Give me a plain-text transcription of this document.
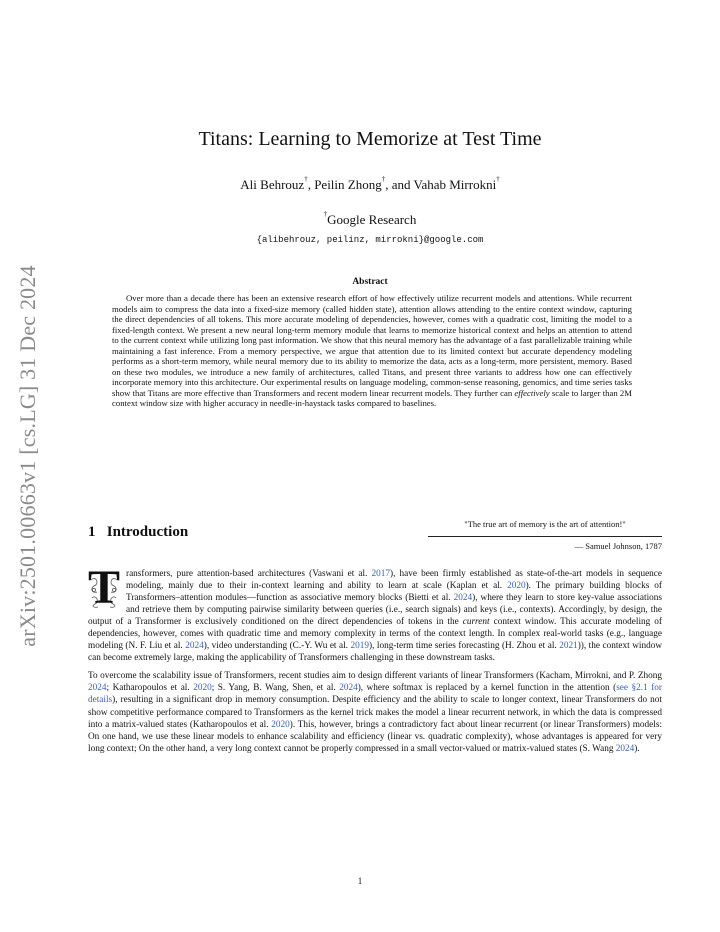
arXiv:2501.00663v1 [cs.LG] 31 Dec 2024
Titans: Learning to Memorize at Test Time
Ali Behrouz†, Peilin Zhong†, and Vahab Mirrokni†
†Google Research
{alibehrouz, peilinz, mirrokni}@google.com
Abstract
Over more than a decade there has been an extensive research effort of how effectively utilize recurrent models and attentions. While recurrent models aim to compress the data into a fixed-size memory (called hidden state), attention allows attending to the entire context window, capturing the direct dependencies of all tokens. This more accurate modeling of dependencies, however, comes with a quadratic cost, limiting the model to a fixed-length context. We present a new neural long-term memory module that learns to memorize historical context and helps an attention to attend to the current context while utilizing long past information. We show that this neural memory has the advantage of a fast parallelizable training while maintaining a fast inference. From a memory perspective, we argue that attention due to its limited context but accurate dependency modeling performs as a short-term memory, while neural memory due to its ability to memorize the data, acts as a long-term, more persistent, memory. Based on these two modules, we introduce a new family of architectures, called Titans, and present three variants to address how one can effectively incorporate memory into this architecture. Our experimental results on language modeling, common-sense reasoning, genomics, and time series tasks show that Titans are more effective than Transformers and recent modern linear recurrent models. They further can effectively scale to larger than 2M context window size with higher accuracy in needle-in-haystack tasks compared to baselines.
1 Introduction	"The true art of memory is the art of attention!"
— Samuel Johnson, 1787

T ransformers, pure attention-based architectures (Vaswani et al. 2017), have been firmly established as state-of-the-art models in sequence modeling, mainly due to their in-context learning and ability to learn at scale (Kaplan et al. 2020). The primary building blocks of Transformers–attention modules—function as associative memory blocks (Bietti et al. 2024), where they learn to store key-value associations and retrieve them by computing pairwise similarity between queries (i.e., search signals) and keys (i.e., contexts). Accordingly, by design, the output of a Transformer is exclusively conditioned on the direct dependencies of tokens in the current context window. This accurate modeling of dependencies, however, comes with quadratic time and memory complexity in terms of the context length. In complex real-world tasks (e.g., language modeling (N. F. Liu et al. 2024), video understanding (C.-Y. Wu et al. 2019), long-term time series forecasting (H. Zhou et al. 2021)), the context window can become extremely large, making the applicability of Transformers challenging in these downstream tasks.

To overcome the scalability issue of Transformers, recent studies aim to design different variants of linear Transformers (Kacham, Mirrokni, and P. Zhong 2024; Katharopoulos et al. 2020; S. Yang, B. Wang, Shen, et al. 2024), where softmax is replaced by a kernel function in the attention (see §2.1 for details), resulting in a significant drop in memory consumption. Despite efficiency and the ability to scale to longer context, linear Transformers do not show competitive performance compared to Transformers as the kernel trick makes the model a linear recurrent network, in which the data is compressed into a matrix-valued states (Katharopoulos et al. 2020). This, however, brings a contradictory fact about linear recurrent (or linear Transformers) models: On one hand, we use these linear models to enhance scalability and efficiency (linear vs. quadratic complexity), whose advantages is appeared for very long context; On the other hand, a very long context cannot be properly compressed in a small vector-valued or matrix-valued states (S. Wang 2024).

1
